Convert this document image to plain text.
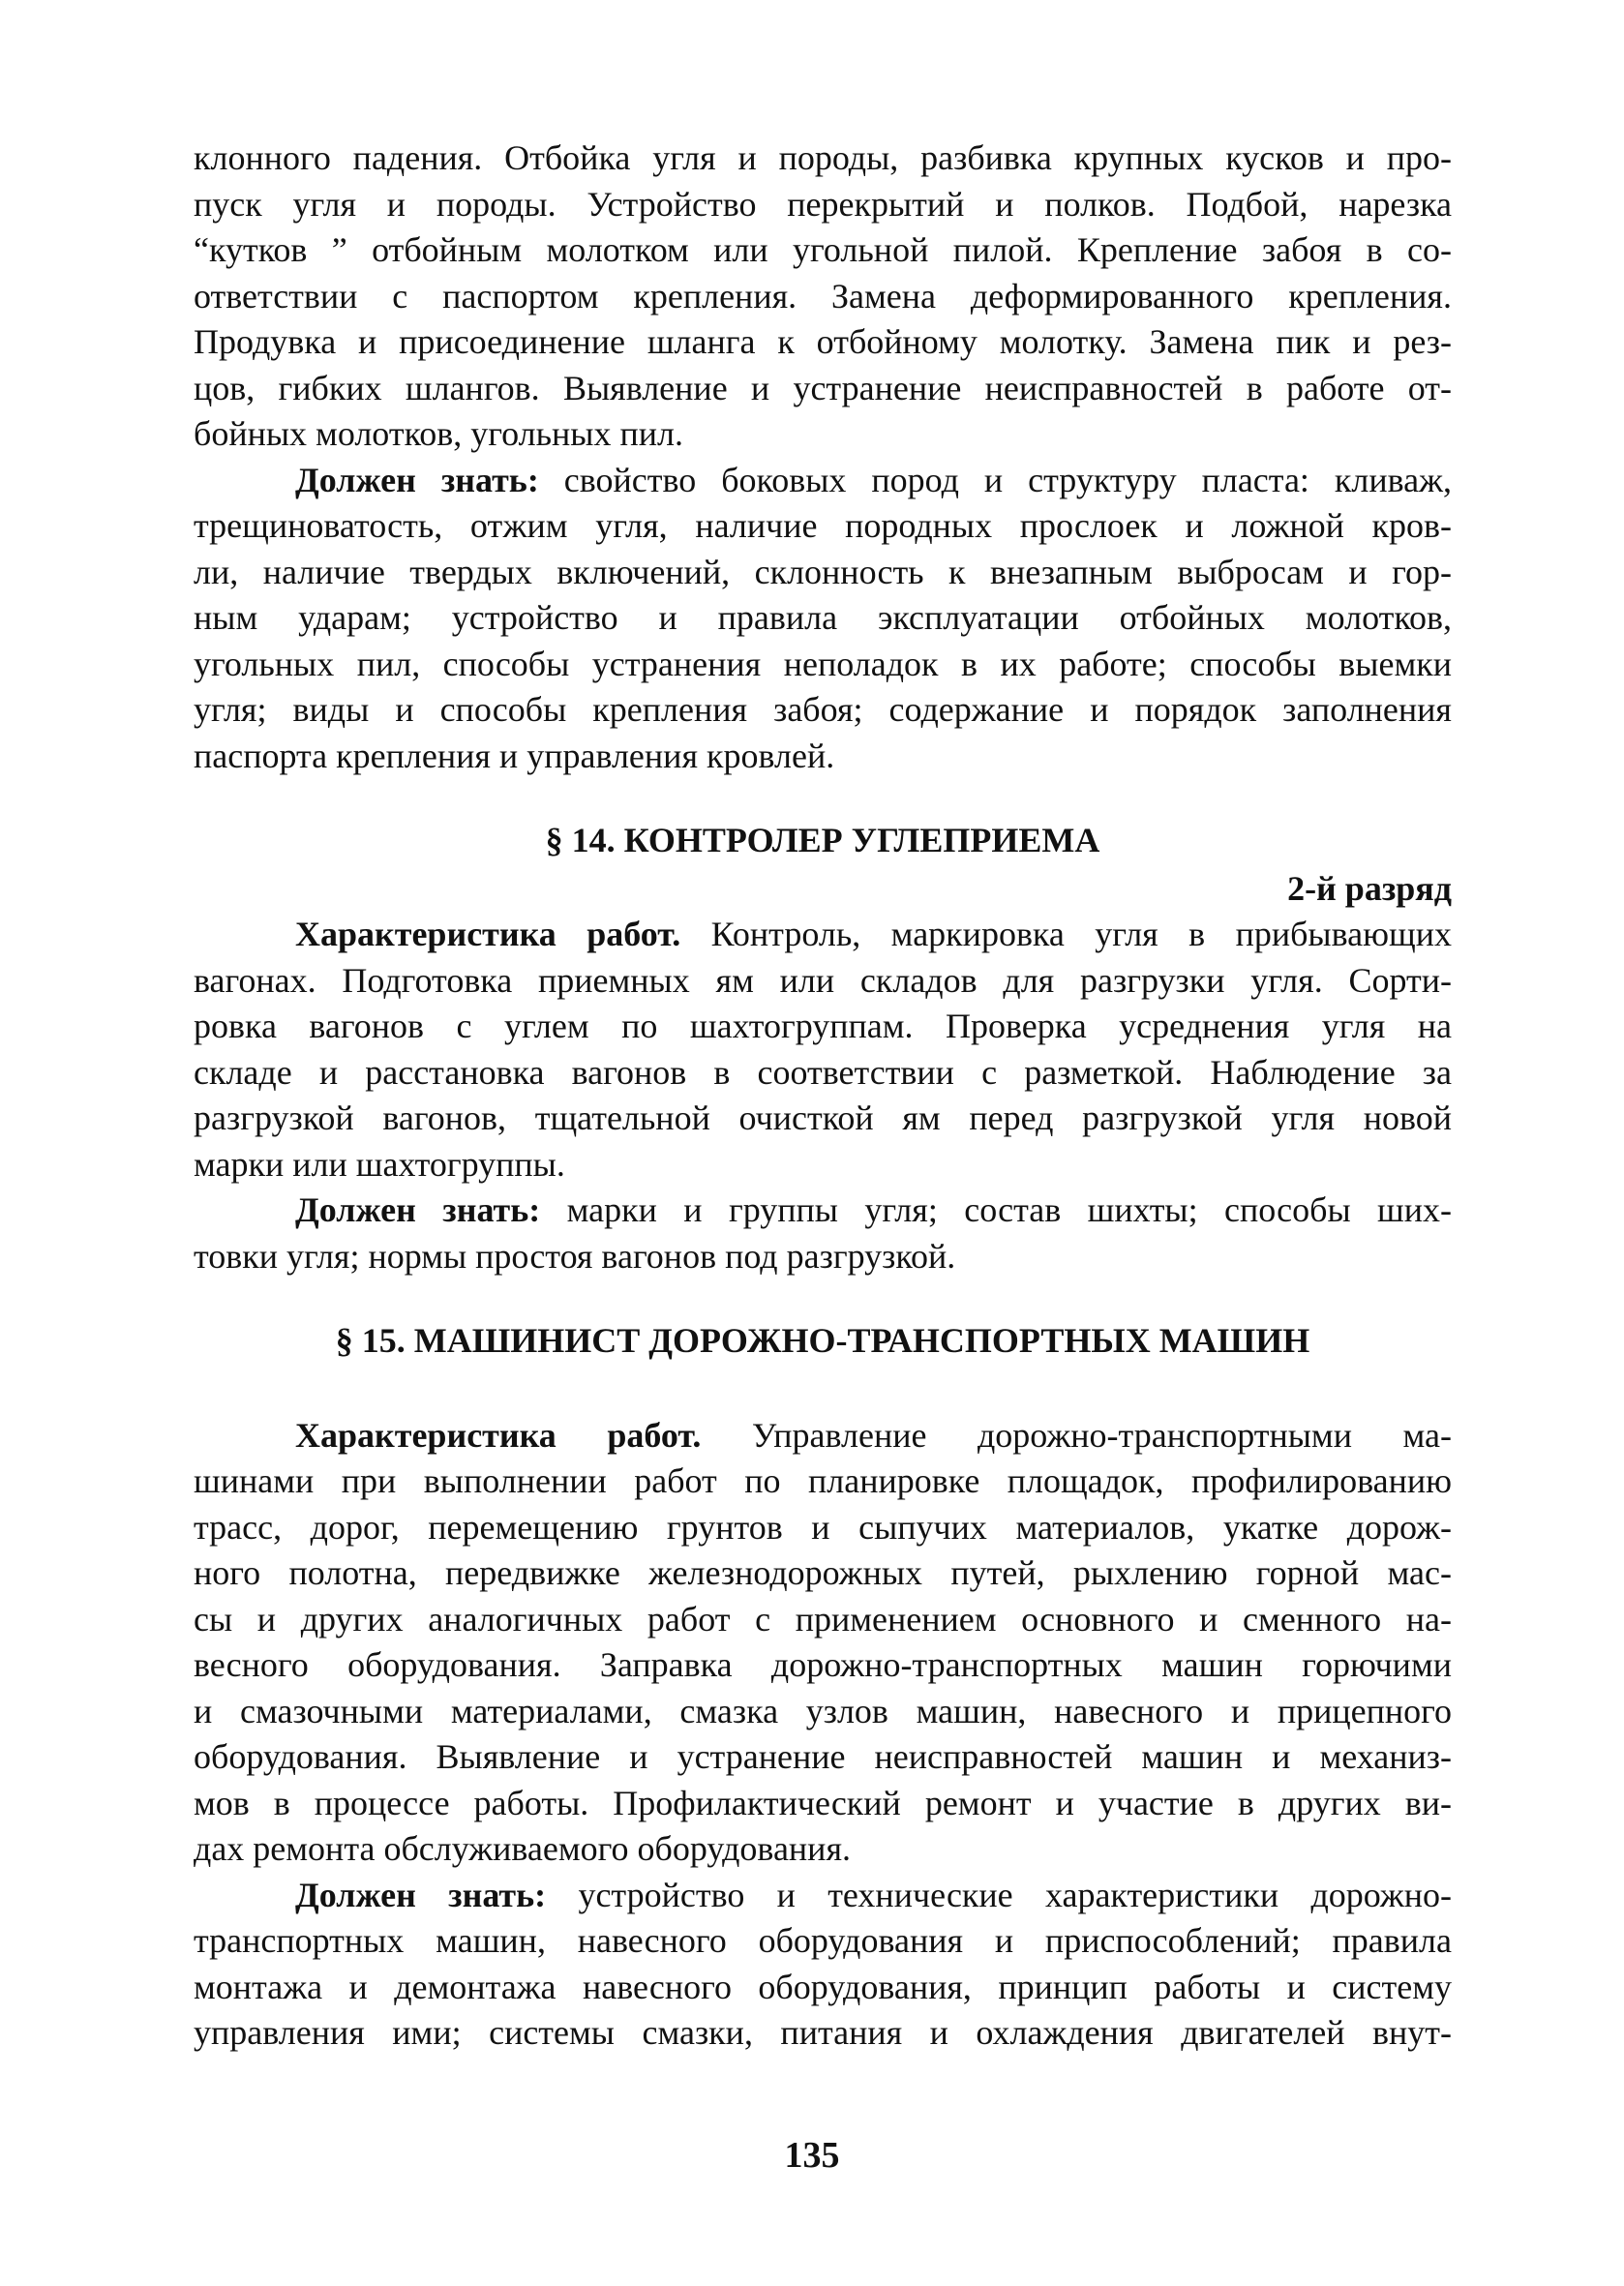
клонного падения. Отбойка угля и породы, разбивка крупных кусков и про-
пуск угля и породы. Устройство перекрытий и полков. Подбой, нарезка
“кутков ” отбойным молотком или угольной пилой. Крепление забоя в со-
ответствии с паспортом крепления. Замена деформированного крепления.
Продувка и присоединение шланга к отбойному молотку. Замена пик и рез-
цов, гибких шлангов. Выявление и устранение неисправностей в работе от-
бойных молотков, угольных пил.
Должен знать: свойство боковых пород и структуру пласта: кливаж,
трещиноватость, отжим угля, наличие породных прослоек и ложной кров-
ли, наличие твердых включений, склонность к внезапным выбросам и гор-
ным ударам; устройство и правила эксплуатации отбойных молотков,
угольных пил, способы устранения неполадок в их работе; способы выемки
угля; виды и способы крепления забоя; содержание и порядок заполнения
паспорта крепления и управления кровлей.
§ 14. КОНТРОЛЕР УГЛЕПРИЕМА
2-й разряд
Характеристика работ. Контроль, маркировка угля в прибывающих
вагонах. Подготовка приемных ям или складов для разгрузки угля. Сорти-
ровка вагонов с углем по шахтогруппам. Проверка усреднения угля на
складе и расстановка вагонов в соответствии с разметкой. Наблюдение за
разгрузкой вагонов, тщательной очисткой ям перед разгрузкой угля новой
марки или шахтогруппы.
Должен знать: марки и группы угля; состав шихты; способы ших-
товки угля; нормы простоя вагонов под разгрузкой.
§ 15. МАШИНИСТ ДОРОЖНО-ТРАНСПОРТНЫХ МАШИН
Характеристика работ. Управление дорожно-транспортными ма-
шинами при выполнении работ по планировке площадок, профилированию
трасс, дорог, перемещению грунтов и сыпучих материалов, укатке дорож-
ного полотна, передвижке железнодорожных путей, рыхлению горной мас-
сы и других аналогичных работ с применением основного и сменного на-
весного оборудования. Заправка дорожно-транспортных машин горючими
и смазочными материалами, смазка узлов машин, навесного и прицепного
оборудования. Выявление и устранение неисправностей машин и механиз-
мов в процессе работы. Профилактический ремонт и участие в других ви-
дах ремонта обслуживаемого оборудования.
Должен знать: устройство и технические характеристики дорожно-
транспортных машин, навесного оборудования и приспособлений; правила
монтажа и демонтажа навесного оборудования, принцип работы и систему
управления ими; системы смазки, питания и охлаждения двигателей внут-
135
